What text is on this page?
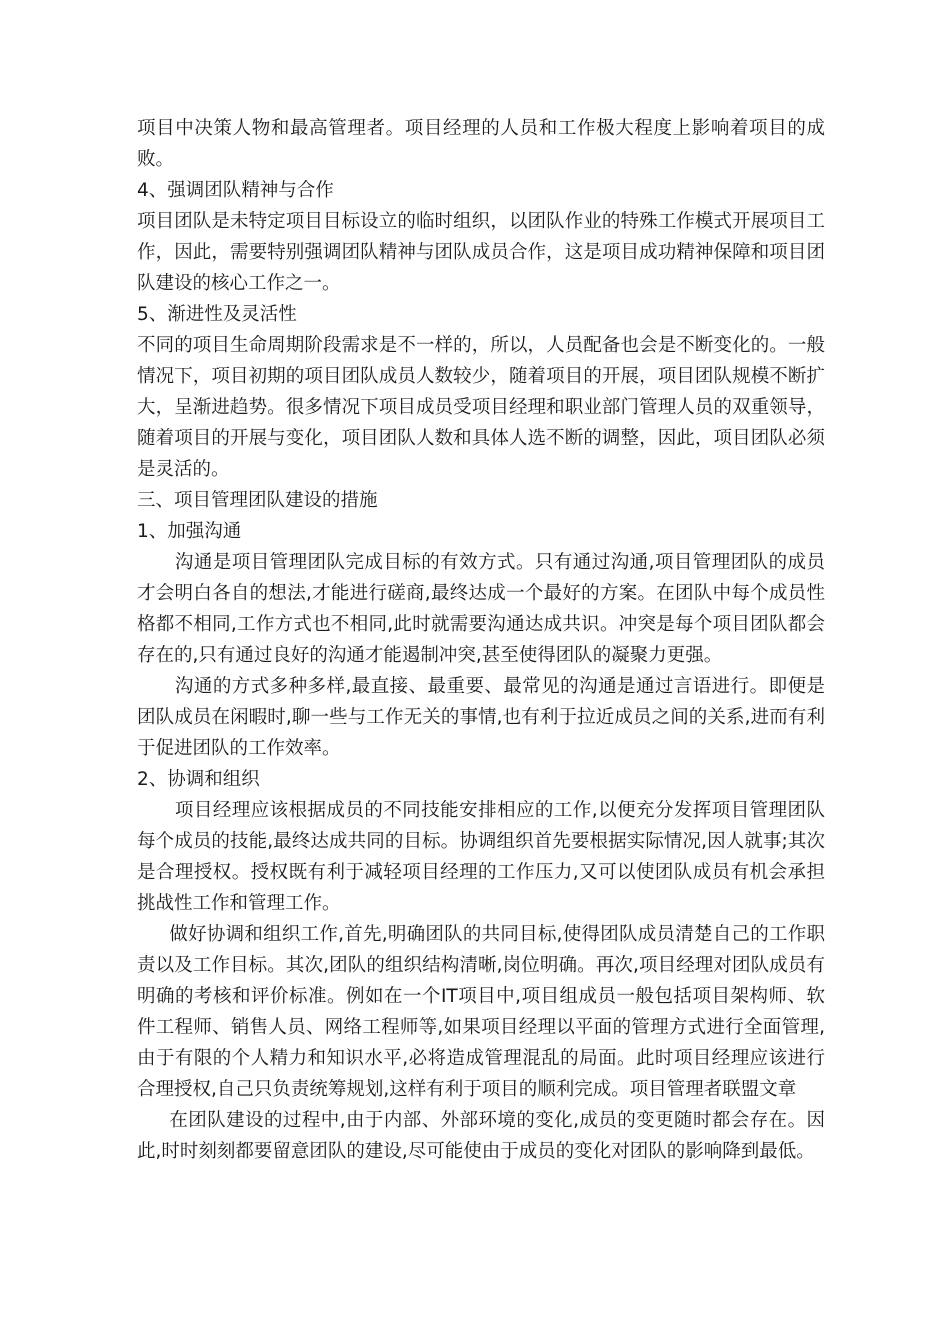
项目中决策人物和最高管理者。项目经理的人员和工作极大程度上影响着项目的成败。

4、强调团队精神与合作

项目团队是未特定项目目标设立的临时组织，以团队作业的特殊工作模式开展项目工作，因此，需要特别强调团队精神与团队成员合作，这是项目成功精神保障和项目团队建设的核心工作之一。

5、渐进性及灵活性

不同的项目生命周期阶段需求是不一样的，所以，人员配备也会是不断变化的。一般情况下，项目初期的项目团队成员人数较少，随着项目的开展，项目团队规模不断扩大，呈渐进趋势。很多情况下项目成员受项目经理和职业部门管理人员的双重领导，随着项目的开展与变化，项目团队人数和具体人选不断的调整，因此，项目团队必须是灵活的。

三、项目管理团队建设的措施

1、加强沟通

沟通是项目管理团队完成目标的有效方式。只有通过沟通,项目管理团队的成员才会明白各自的想法,才能进行磋商,最终达成一个最好的方案。在团队中每个成员性格都不相同,工作方式也不相同,此时就需要沟通达成共识。冲突是每个项目团队都会存在的,只有通过良好的沟通才能遏制冲突,甚至使得团队的凝聚力更强。

沟通的方式多种多样,最直接、最重要、最常见的沟通是通过言语进行。即便是团队成员在闲暇时,聊一些与工作无关的事情,也有利于拉近成员之间的关系,进而有利于促进团队的工作效率。

2、协调和组织

项目经理应该根据成员的不同技能安排相应的工作,以便充分发挥项目管理团队每个成员的技能,最终达成共同的目标。协调组织首先要根据实际情况,因人就事;其次是合理授权。授权既有利于减轻项目经理的工作压力,又可以使团队成员有机会承担挑战性工作和管理工作。

做好协调和组织工作,首先,明确团队的共同目标,使得团队成员清楚自己的工作职责以及工作目标。其次,团队的组织结构清晰,岗位明确。再次,项目经理对团队成员有明确的考核和评价标准。例如在一个IT项目中,项目组成员一般包括项目架构师、软件工程师、销售人员、网络工程师等,如果项目经理以平面的管理方式进行全面管理,由于有限的个人精力和知识水平,必将造成管理混乱的局面。此时项目经理应该进行合理授权,自己只负责统筹规划,这样有利于项目的顺利完成。项目管理者联盟文章

在团队建设的过程中,由于内部、外部环境的变化,成员的变更随时都会存在。因此,时时刻刻都要留意团队的建设,尽可能使由于成员的变化对团队的影响降到最低。
